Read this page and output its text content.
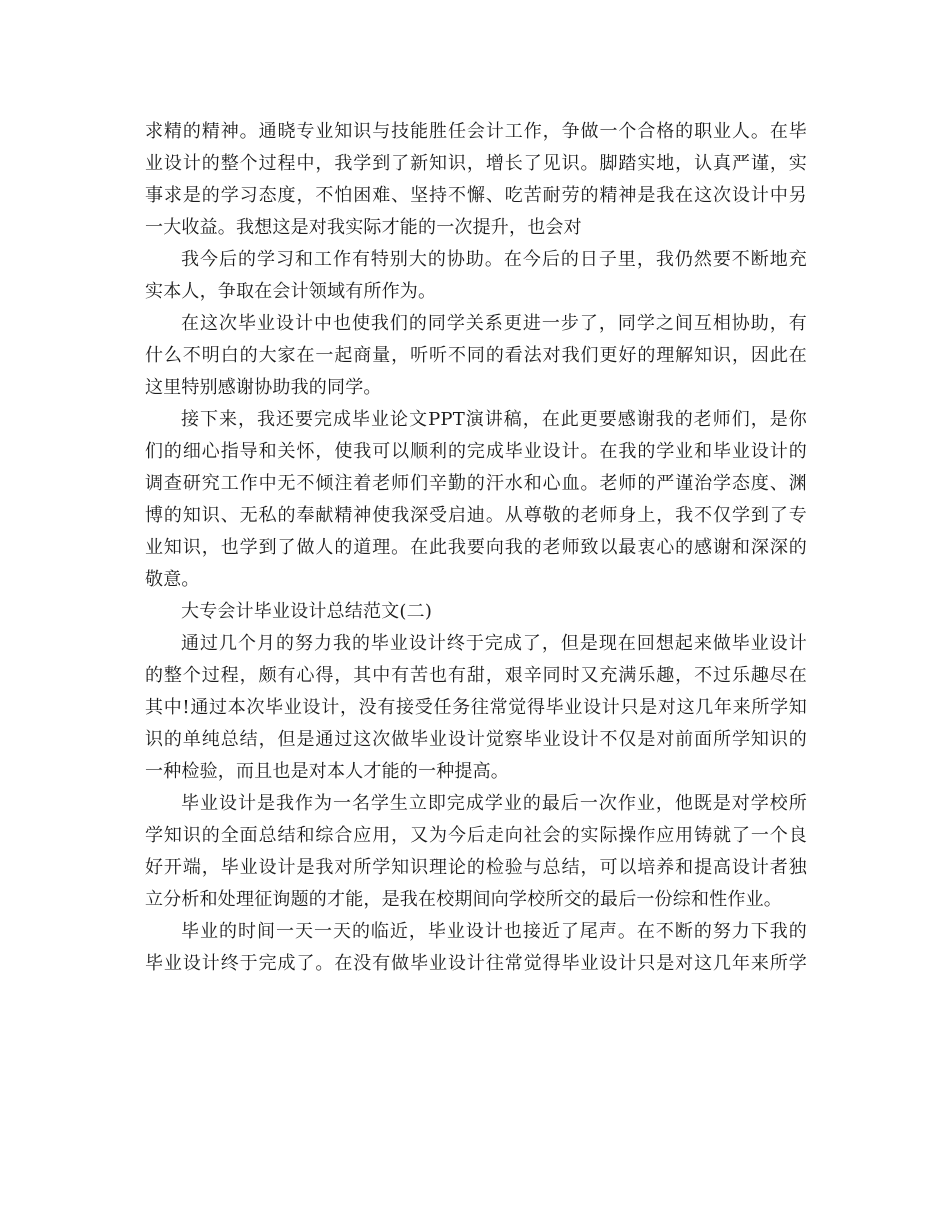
求精的精神。通晓专业知识与技能胜任会计工作，争做一个合格的职业人。在毕
业设计的整个过程中，我学到了新知识，增长了见识。脚踏实地，认真严谨，实
事求是的学习态度，不怕困难、坚持不懈、吃苦耐劳的精神是我在这次设计中另
一大收益。我想这是对我实际才能的一次提升，也会对
我今后的学习和工作有特别大的协助。在今后的日子里，我仍然要不断地充
实本人，争取在会计领域有所作为。
在这次毕业设计中也使我们的同学关系更进一步了，同学之间互相协助，有
什么不明白的大家在一起商量，听听不同的看法对我们更好的理解知识，因此在
这里特别感谢协助我的同学。
接下来，我还要完成毕业论文PPT演讲稿，在此更要感谢我的老师们，是你
们的细心指导和关怀，使我可以顺利的完成毕业设计。在我的学业和毕业设计的
调查研究工作中无不倾注着老师们辛勤的汗水和心血。老师的严谨治学态度、渊
博的知识、无私的奉献精神使我深受启迪。从尊敬的老师身上，我不仅学到了专
业知识，也学到了做人的道理。在此我要向我的老师致以最衷心的感谢和深深的
敬意。
大专会计毕业设计总结范文(二)
通过几个月的努力我的毕业设计终于完成了，但是现在回想起来做毕业设计
的整个过程，颇有心得，其中有苦也有甜，艰辛同时又充满乐趣，不过乐趣尽在
其中!通过本次毕业设计，没有接受任务往常觉得毕业设计只是对这几年来所学知
识的单纯总结，但是通过这次做毕业设计觉察毕业设计不仅是对前面所学知识的
一种检验，而且也是对本人才能的一种提高。
毕业设计是我作为一名学生立即完成学业的最后一次作业，他既是对学校所
学知识的全面总结和综合应用，又为今后走向社会的实际操作应用铸就了一个良
好开端，毕业设计是我对所学知识理论的检验与总结，可以培养和提高设计者独
立分析和处理征询题的才能，是我在校期间向学校所交的最后一份综和性作业。
毕业的时间一天一天的临近，毕业设计也接近了尾声。在不断的努力下我的
毕业设计终于完成了。在没有做毕业设计往常觉得毕业设计只是对这几年来所学
